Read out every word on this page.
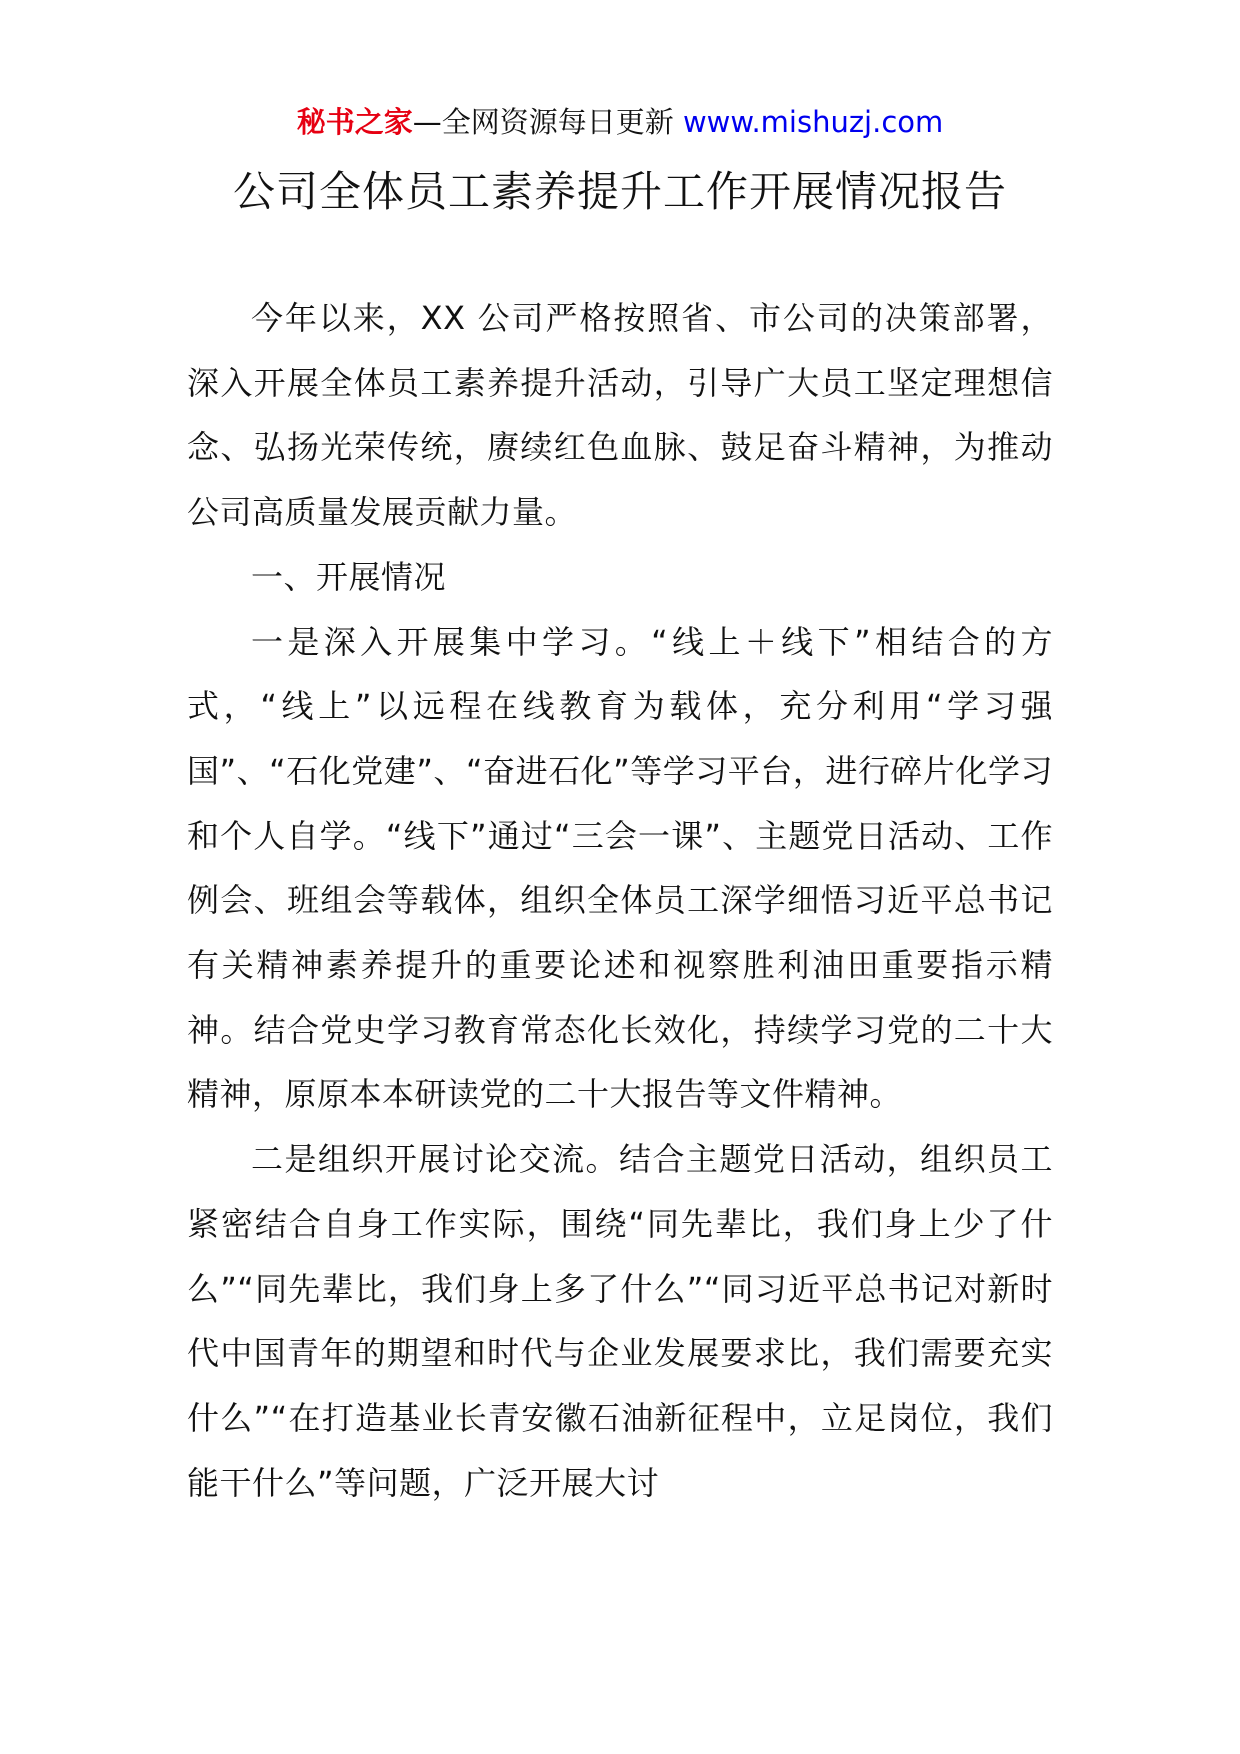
秘书之家—全网资源每日更新 www.mishuzj.com
公司全体员工素养提升工作开展情况报告

今年以来，XX 公司严格按照省、市公司的决策部署，深入开展全体员工素养提升活动，引导广大员工坚定理想信念、弘扬光荣传统，赓续红色血脉、鼓足奋斗精神，为推动公司高质量发展贡献力量。

一、开展情况

一是深入开展集中学习。“线上＋线下”相结合的方式，“线上”以远程在线教育为载体，充分利用“学习强国”、“石化党建”、“奋进石化”等学习平台，进行碎片化学习和个人自学。“线下”通过“三会一课”、主题党日活动、工作例会、班组会等载体，组织全体员工深学细悟习近平总书记有关精神素养提升的重要论述和视察胜利油田重要指示精神。结合党史学习教育常态化长效化，持续学习党的二十大精神，原原本本研读党的二十大报告等文件精神。

二是组织开展讨论交流。结合主题党日活动，组织员工紧密结合自身工作实际，围绕“同先辈比，我们身上少了什么”“同先辈比，我们身上多了什么”“同习近平总书记对新时代中国青年的期望和时代与企业发展要求比，我们需要充实什么”“在打造基业长青安徽石油新征程中，立足岗位，我们能干什么”等问题，广泛开展大讨
